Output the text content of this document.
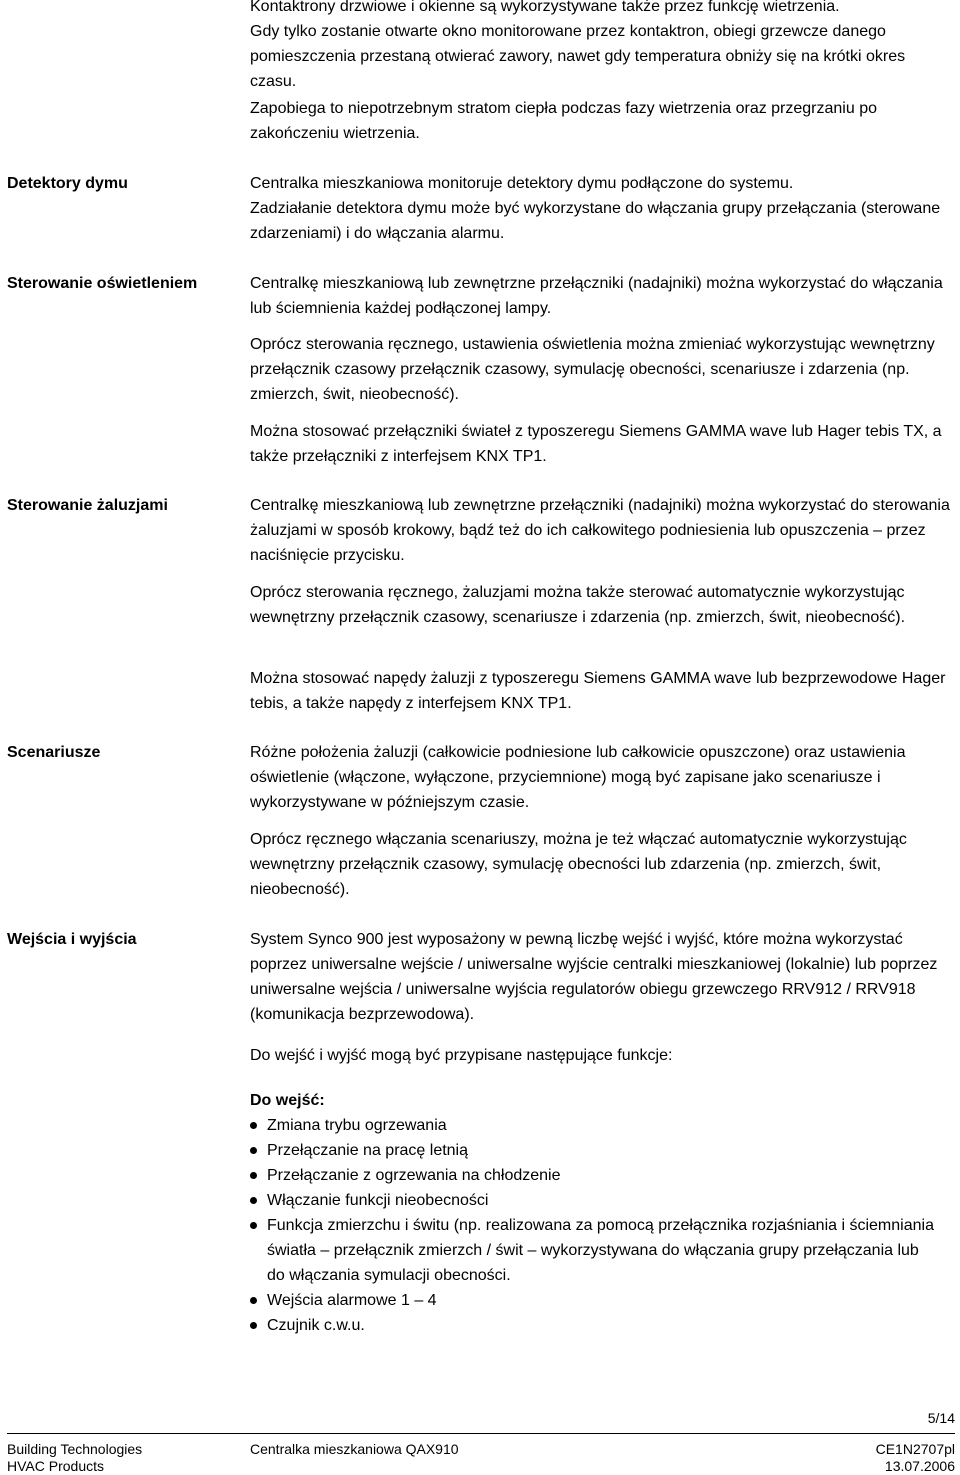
Kontaktrony drzwiowe i okienne są wykorzystywane także przez funkcję wietrzenia.

Gdy tylko zostanie otwarte okno monitorowane przez kontaktron, obiegi grzewcze danego pomieszczenia przestaną otwierać zawory, nawet gdy temperatura obniży się na krótki okres czasu.

Zapobiega to niepotrzebnym stratom ciepła podczas fazy wietrzenia oraz przegrzaniu po zakończeniu wietrzenia.

Detektory dymu	Centralka mieszkaniowa monitoruje detektory dymu podłączone do systemu.

Zadziałanie detektora dymu może być wykorzystane do włączania grupy przełączania (sterowane zdarzeniami) i do włączania alarmu.

Sterowanie oświetleniem	Centralkę mieszkaniową lub zewnętrzne przełączniki (nadajniki) można wykorzystać do włączania lub ściemnienia każdej podłączonej lampy.

Oprócz sterowania ręcznego, ustawienia oświetlenia można zmieniać wykorzystując wewnętrzny przełącznik czasowy przełącznik czasowy, symulację obecności, scenariusze i zdarzenia (np. zmierzch, świt, nieobecność).

Można stosować przełączniki świateł z typoszeregu Siemens GAMMA wave lub Hager tebis TX, a także przełączniki z interfejsem KNX TP1.

Sterowanie żaluzjami	Centralkę mieszkaniową lub zewnętrzne przełączniki (nadajniki) można wykorzystać do sterowania żaluzjami w sposób krokowy, bądź też do ich całkowitego podniesienia lub opuszczenia – przez naciśnięcie przycisku.

Oprócz sterowania ręcznego, żaluzjami można także sterować automatycznie wykorzystując wewnętrzny przełącznik czasowy, scenariusze i zdarzenia (np. zmierzch, świt, nieobecność).

Można stosować napędy żaluzji z typoszeregu Siemens GAMMA wave lub bezprzewodowe Hager tebis, a także napędy z interfejsem KNX TP1.

Scenariusze	Różne położenia żaluzji (całkowicie podniesione lub całkowicie opuszczone) oraz ustawienia oświetlenie (włączone, wyłączone, przyciemnione) mogą być zapisane jako scenariusze i wykorzystywane w późniejszym czasie.

Oprócz ręcznego włączania scenariuszy, można je też włączać automatycznie wykorzystując wewnętrzny przełącznik czasowy, symulację obecności lub zdarzenia (np. zmierzch, świt, nieobecność).

Wejścia i wyjścia	System Synco 900 jest wyposażony w pewną liczbę wejść i wyjść, które można wykorzystać poprzez uniwersalne wejście / uniwersalne wyjście centralki mieszkaniowej (lokalnie) lub poprzez uniwersalne wejścia / uniwersalne wyjścia regulatorów obiegu grzewczego RRV912 / RRV918 (komunikacja bezprzewodowa).

Do wejść i wyjść mogą być przypisane następujące funkcje:

Do wejść:

Zmiana trybu ogrzewania
Przełączanie na pracę letnią
Przełączanie z ogrzewania na chłodzenie
Włączanie funkcji nieobecności
Funkcja zmierzchu i świtu (np. realizowana za pomocą przełącznika rozjaśniania i ściemniania światła – przełącznik zmierzch / świt – wykorzystywana do włączania grupy przełączania lub do włączania symulacji obecności.
Wejścia alarmowe 1 – 4
Czujnik c.w.u.

5/14

Building Technologies

HVAC Products

Centralka mieszkaniowa QAX910	CE1N2707pl

13.07.2006
